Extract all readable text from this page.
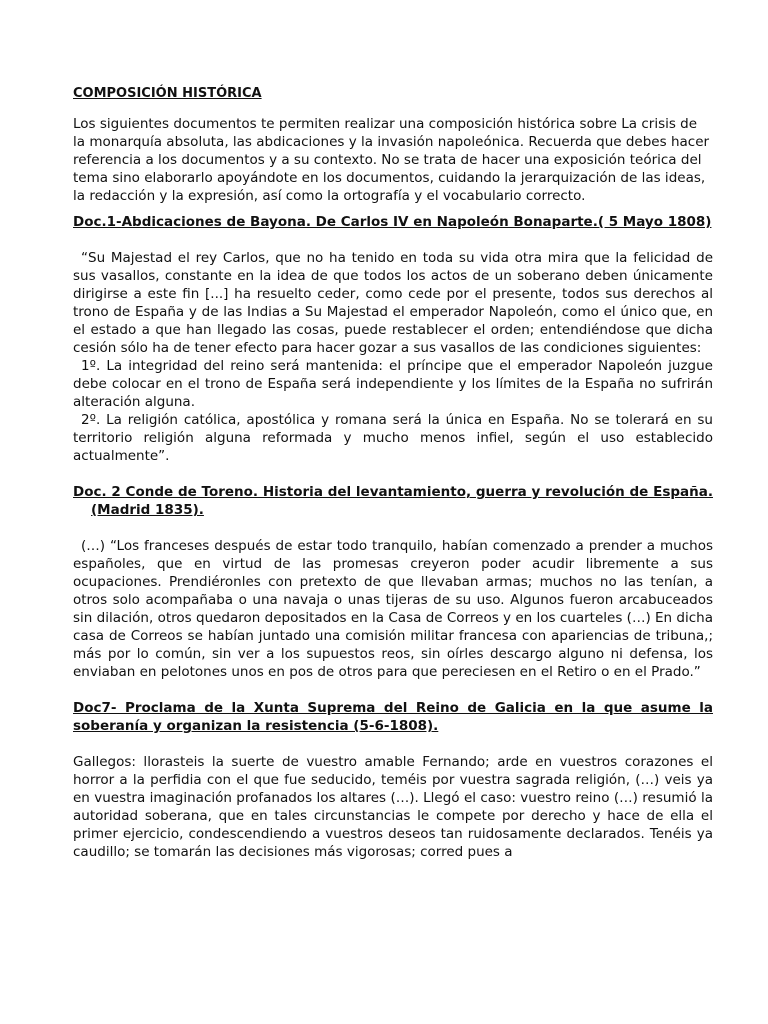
COMPOSICIÓN HISTÓRICA

Los siguientes documentos te permiten realizar una composición histórica sobre La crisis de la monarquía absoluta, las abdicaciones y la invasión napoleónica. Recuerda que debes hacer referencia a los documentos y a su contexto. No se trata de hacer una exposición teórica del tema sino elaborarlo apoyándote en los documentos, cuidando la jerarquización de las ideas, la redacción y la expresión, así como la ortografía y el vocabulario correcto.

Doc.1-Abdicaciones de Bayona. De Carlos IV en Napoleón Bonaparte.( 5 Mayo 1808)

“Su Majestad el rey Carlos, que no ha tenido en toda su vida otra mira que la felicidad de sus vasallos, constante en la idea de que todos los actos de un soberano deben únicamente dirigirse a este fin [...] ha resuelto ceder, como cede por el presente, todos sus derechos al trono de España y de las Indias a Su Majestad el emperador Napoleón, como el único que, en el estado a que han llegado las cosas, puede restablecer el orden; entendiéndose que dicha cesión sólo ha de tener efecto para hacer gozar a sus vasallos de las condiciones siguientes:

1º. La integridad del reino será mantenida: el príncipe que el emperador Napoleón juzgue debe colocar en el trono de España será independiente y los límites de la España no sufrirán alteración alguna.

2º. La religión católica, apostólica y romana será la única en España. No se tolerará en su territorio religión alguna reformada y mucho menos infiel, según el uso establecido actualmente”.

Doc. 2 Conde de Toreno. Historia del levantamiento, guerra y revolución de España. (Madrid 1835).

(…) “Los franceses después de estar todo tranquilo, habían comenzado a prender a muchos españoles, que en virtud de las promesas creyeron poder acudir libremente a sus ocupaciones. Prendiéronles con pretexto de que llevaban armas; muchos no las tenían, a otros solo acompañaba o una navaja o unas tijeras de su uso. Algunos fueron arcabuceados sin dilación, otros quedaron depositados en la Casa de Correos y en los cuarteles (…) En dicha casa de Correos se habían juntado una comisión militar francesa con apariencias de tribuna,; más por lo común, sin ver a los supuestos reos, sin oírles descargo alguno ni defensa, los enviaban en pelotones unos en pos de otros para que pereciesen en el Retiro o en el Prado.”

Doc7- Proclama de la Xunta Suprema del Reino de Galicia en la que asume la soberanía y organizan la resistencia (5-6-1808).

Gallegos: llorasteis la suerte de vuestro amable Fernando; arde en vuestros corazones el horror a la perfidia con el que fue seducido, teméis por vuestra sagrada religión, (…) veis ya en vuestra imaginación profanados los altares (…). Llegó el caso: vuestro reino (…) resumió la autoridad soberana, que en tales circunstancias le compete por derecho y hace de ella el primer ejercicio, condescendiendo a vuestros deseos tan ruidosamente declarados. Tenéis ya caudillo; se tomarán las decisiones más vigorosas; corred pues a
